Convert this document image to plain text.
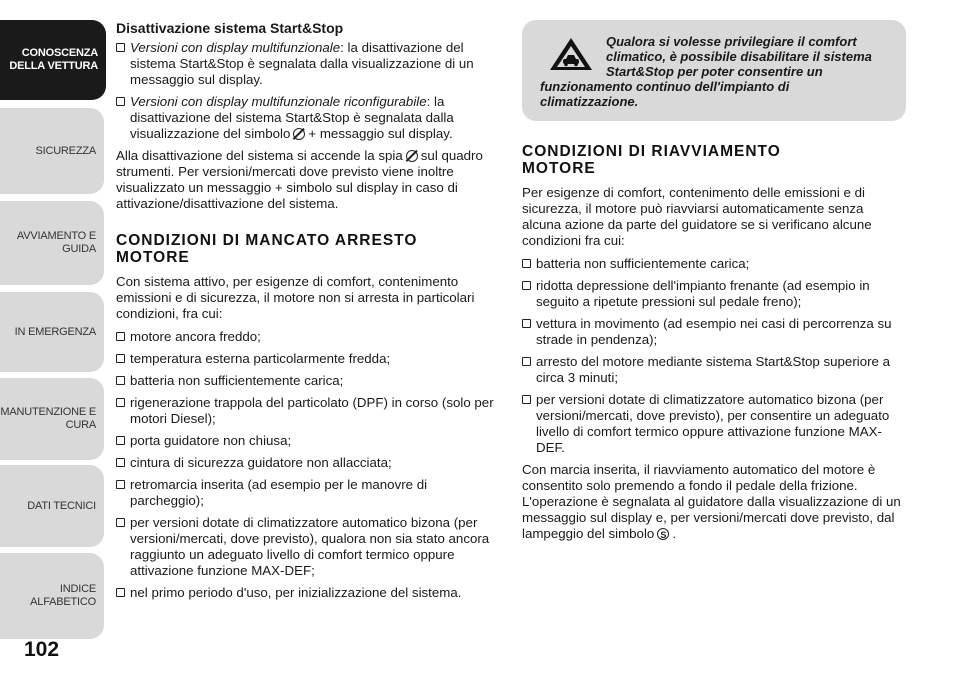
CONOSCENZA
DELLA VETTURA
SICUREZZA
AVVIAMENTO E
GUIDA
IN EMERGENZA
MANUTENZIONE E
CURA
DATI TECNICI
INDICE ALFABETICO
102
Disattivazione sistema Start&Stop
Versioni con display multifunzionale: la disattivazione del sistema Start&Stop è segnalata dalla visualizzazione di un messaggio sul display.
Versioni con display multifunzionale riconfigurabile: la disattivazione del sistema Start&Stop è segnalata dalla visualizzazione del simbolo + messaggio sul display.

Alla disattivazione del sistema si accende la spia sul quadro strumenti. Per versioni/mercati dove previsto viene inoltre visualizzato un messaggio + simbolo sul display in caso di attivazione/disattivazione del sistema.

CONDIZIONI DI MANCATO ARRESTO
MOTORE

Con sistema attivo, per esigenze di comfort, contenimento emissioni e di sicurezza, il motore non si arresta in particolari condizioni, fra cui:

motore ancora freddo;
temperatura esterna particolarmente fredda;
batteria non sufficientemente carica;
rigenerazione trappola del particolato (DPF) in corso (solo per motori Diesel);
porta guidatore non chiusa;
cintura di sicurezza guidatore non allacciata;
retromarcia inserita (ad esempio per le manovre di parcheggio);
per versioni dotate di climatizzatore automatico bizona (per versioni/mercati, dove previsto), qualora non sia stato ancora raggiunto un adeguato livello di comfort termico oppure attivazione funzione MAX-DEF;
nel primo periodo d'uso, per inizializzazione del sistema.
Qualora si volesse privilegiare il comfort climatico, è possibile disabilitare il sistema Start&Stop per poter consentire un funzionamento continuo dell'impianto di climatizzazione.
CONDIZIONI DI RIAVVIAMENTO
MOTORE

Per esigenze di comfort, contenimento delle emissioni e di sicurezza, il motore può riavviarsi automaticamente senza alcuna azione da parte del guidatore se si verificano alcune condizioni fra cui:

batteria non sufficientemente carica;
ridotta depressione dell'impianto frenante (ad esempio in seguito a ripetute pressioni sul pedale freno);
vettura in movimento (ad esempio nei casi di percorrenza su strade in pendenza);
arresto del motore mediante sistema Start&Stop superiore a circa 3 minuti;
per versioni dotate di climatizzatore automatico bizona (per versioni/mercati, dove previsto), per consentire un adeguato livello di comfort termico oppure attivazione funzione MAX-DEF.

Con marcia inserita, il riavviamento automatico del motore è consentito solo premendo a fondo il pedale della frizione.

L'operazione è segnalata al guidatore dalla visualizzazione di un messaggio sul display e, per versioni/mercati dove previsto, dal lampeggio del simboloS .
